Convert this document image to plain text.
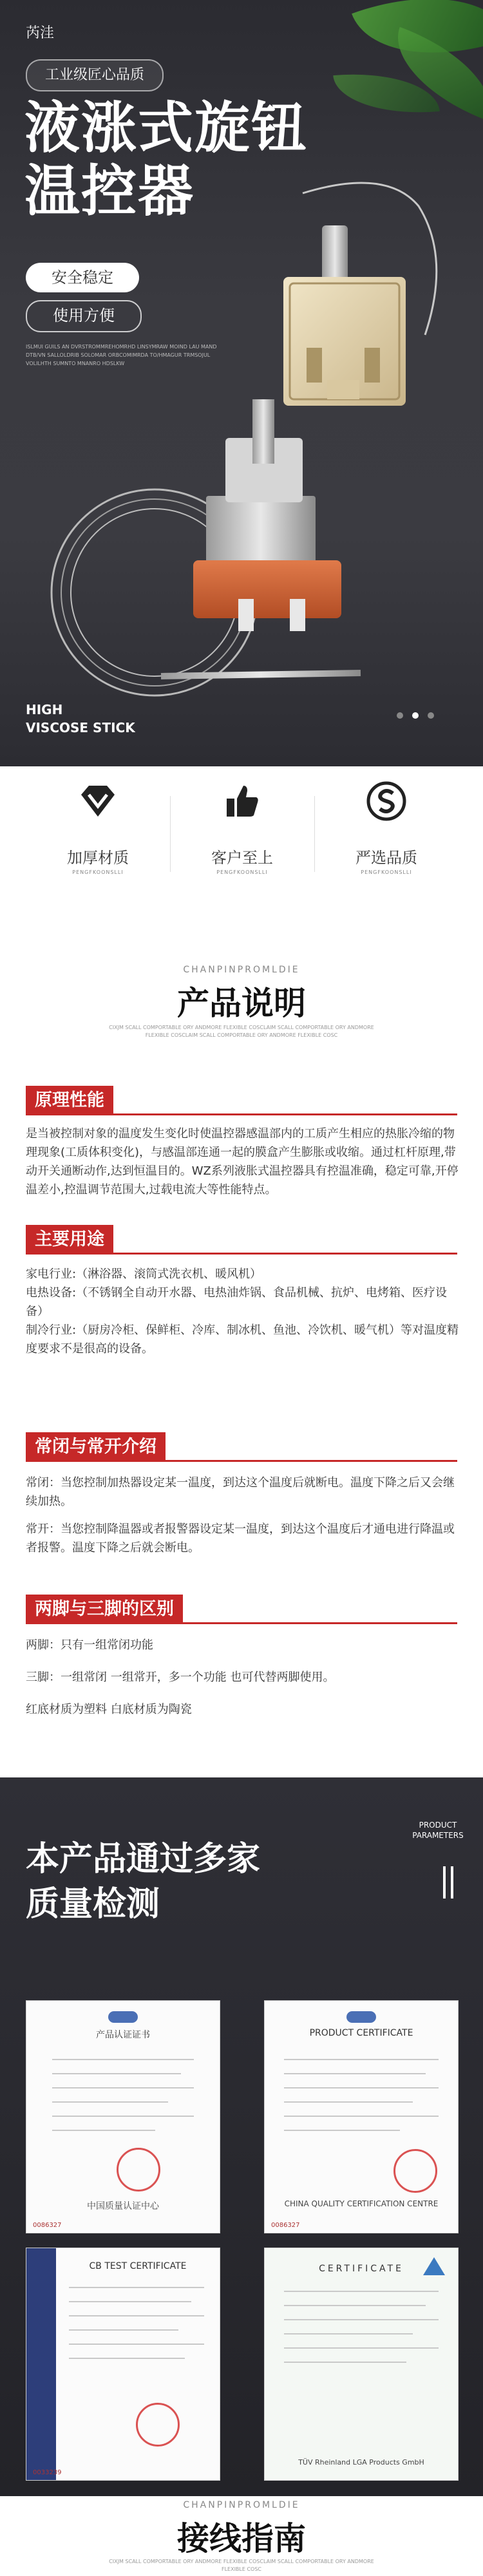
芮洼
工业级匠心品质
液涨式旋钮
温控器
安全稳定
使用方便
ISLMUI GUILS AN DVRSTROMMREHOMRHD LINSYMRAW MOIND LAU MAND DTB/VN SALLOLDRIB SOLOMAR ORBCOMIMRDA TO/HMAGUR TRMSOJUL VOLILHTH SUMNTO MNANRO HDSLKW
HIGH
VISCOSE STICK
加厚材质
PENGFKOONSLLI
客户至上
PENGFKOONSLLI
严选品质
PENGFKOONSLLI
CHANPINPROMLDIE
产品说明
CIXJM SCALL COMPORTABLE ORY ANDMORE FLEXIBLE COSCLAIM SCALL COMPORTABLE ORY ANDMORE FLEXIBLE COSCLAIM SCALL COMPORTABLE ORY ANDMORE FLEXIBLE COSC
原理性能
是当被控制对象的温度发生变化时使温控器感温部内的工质产生相应的热胀冷缩的物理现象(工质体积变化)，与感温部连通一起的膜盒产生膨胀或收缩。通过杠杆原理,带动开关通断动作,达到恒温目的。WZ系列液胀式温控器具有控温准确，稳定可靠,开停温差小,控温调节范围大,过载电流大等性能特点。
主要用途
家电行业:（淋浴器、滚筒式洗衣机、暖风机）
电热设备:（不锈钢全自动开水器、电热油炸锅、食品机械、抗炉、电烤箱、医疗设备）
制冷行业:（厨房冷柜、保鲜柜、冷库、制冰机、鱼池、冷饮机、暖气机）等对温度精度要求不是很高的设备。
常闭与常开介绍
常闭：当您控制加热器设定某一温度，到达这个温度后就断电。温度下降之后又会继续加热。
常开：当您控制降温器或者报警器设定某一温度，到达这个温度后才通电进行降温或者报警。温度下降之后就会断电。
两脚与三脚的区别
两脚：只有一组常闭功能
三脚：一组常闭 一组常开，多一个功能 也可代替两脚使用。
红底材质为塑料 白底材质为陶瓷
本产品通过多家
质量检测
PRODUCT PARAMETERS
产品认证证书
中国质量认证中心
0086327
PRODUCT CERTIFICATE
CHINA QUALITY CERTIFICATION CENTRE
0086327
CB TEST CERTIFICATE
0033239
CERTIFICATE
TÜV Rheinland LGA Products GmbH
CHANPINPROMLDIE
接线指南
CIXJM SCALL COMPORTABLE ORY ANDMORE FLEXIBLE COSCLAIM SCALL COMPORTABLE ORY ANDMORE FLEXIBLE COSC
